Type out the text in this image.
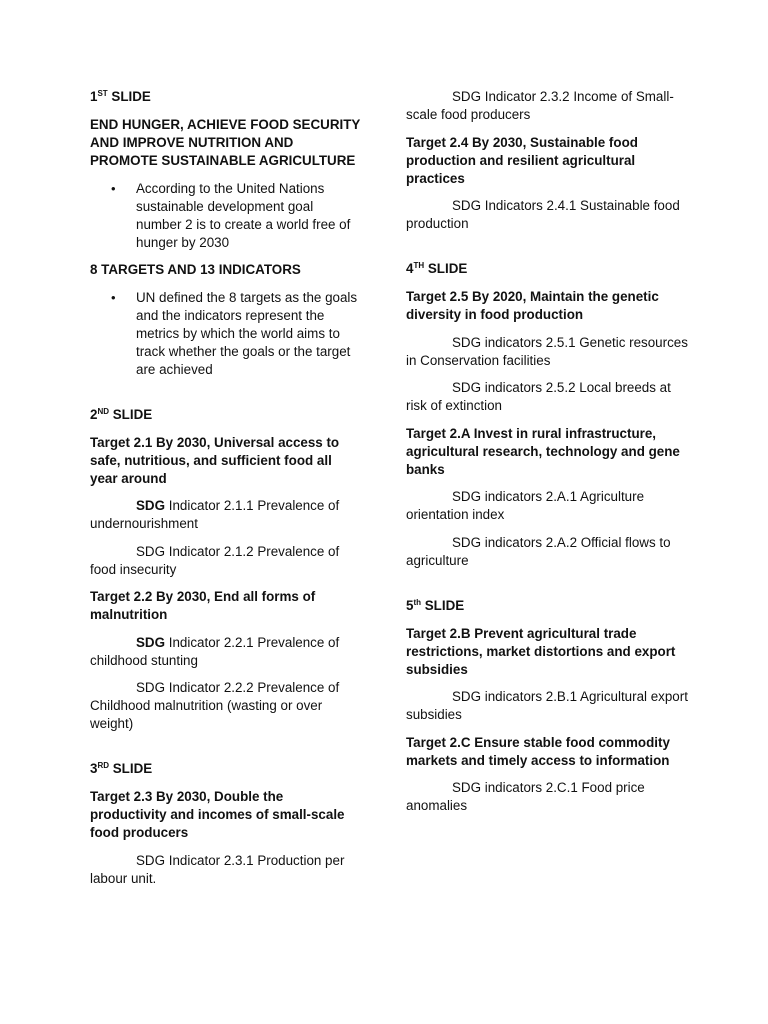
1ST SLIDE

END HUNGER, ACHIEVE FOOD SECURITY AND IMPROVE NUTRITION AND PROMOTE SUSTAINABLE AGRICULTURE

• According to the United Nations sustainable development goal number 2 is to create a world free of hunger by 2030

8 TARGETS AND 13 INDICATORS

• UN defined the 8 targets as the goals and the indicators represent the metrics by which the world aims to track whether the goals or the target are achieved

2ND SLIDE

Target 2.1 By 2030, Universal access to safe, nutritious, and sufficient food all year around

SDG Indicator 2.1.1 Prevalence of undernourishment

SDG Indicator 2.1.2 Prevalence of food insecurity

Target 2.2 By 2030, End all forms of malnutrition

SDG Indicator 2.2.1 Prevalence of childhood stunting

SDG Indicator 2.2.2 Prevalence of Childhood malnutrition (wasting or over weight)

3RD SLIDE

Target 2.3 By 2030, Double the productivity and incomes of small-scale food producers

SDG Indicator 2.3.1 Production per labour unit.

SDG Indicator 2.3.2 Income of Small-scale food producers

Target 2.4 By 2030, Sustainable food production and resilient agricultural practices

SDG Indicators 2.4.1 Sustainable food production

4TH SLIDE

Target 2.5 By 2020, Maintain the genetic diversity in food production

SDG indicators 2.5.1 Genetic resources in Conservation facilities

SDG indicators 2.5.2 Local breeds at risk of extinction

Target 2.A Invest in rural infrastructure, agricultural research, technology and gene banks

SDG indicators 2.A.1 Agriculture orientation index

SDG indicators 2.A.2 Official flows to agriculture

5th SLIDE

Target 2.B Prevent agricultural trade restrictions, market distortions and export subsidies

SDG indicators 2.B.1 Agricultural export subsidies

Target 2.C Ensure stable food commodity markets and timely access to information

SDG indicators 2.C.1 Food price anomalies
